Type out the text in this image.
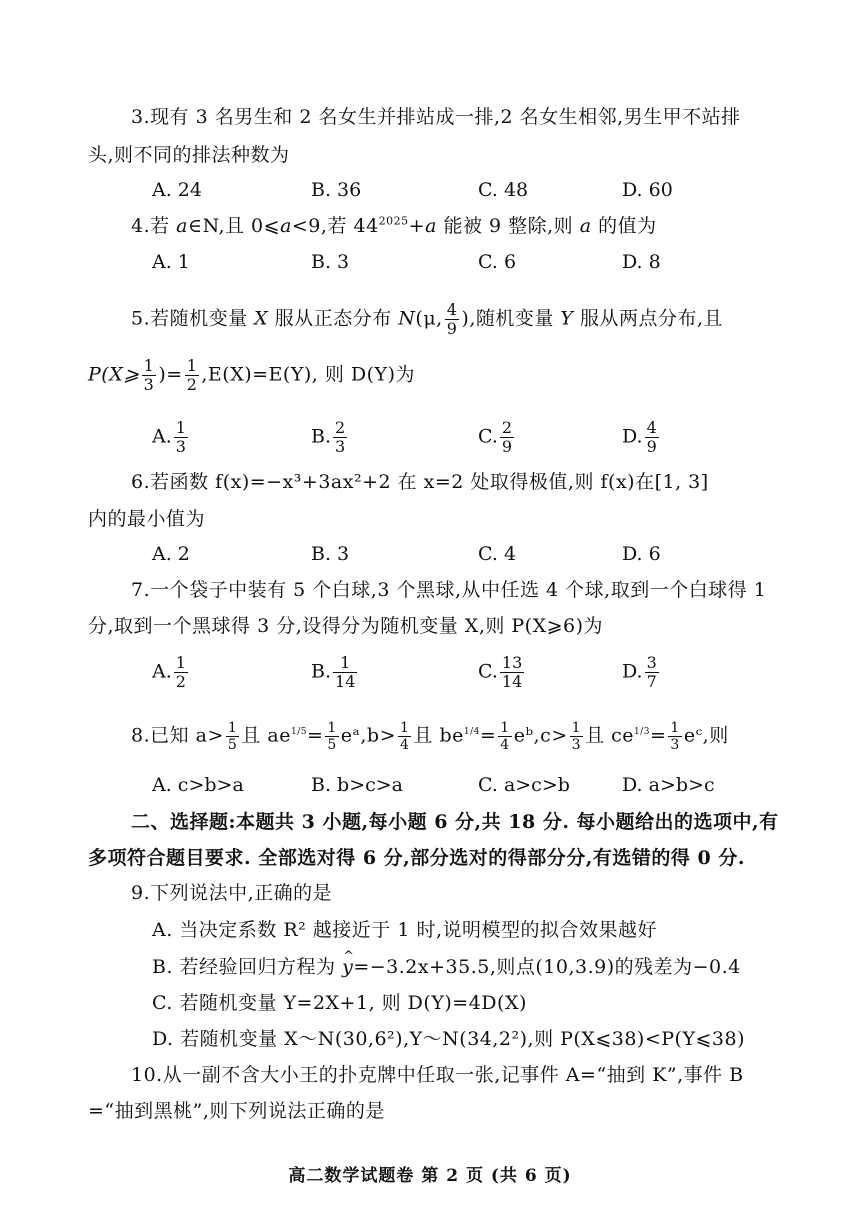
3.现有 3 名男生和 2 名女生并排站成一排,2 名女生相邻,男生甲不站排
头,则不同的排法种数为
A. 24	B. 36	C. 48	D. 60
4.若 a∈N,且 0⩽a<9,若 $44^{2025}+a$ 能被 9 整除,则 a 的值为
A. 1	B. 3	C. 6	D. 8
5.若随机变量 X 服从正态分布 N(μ, $\frac{4}{9}$ ),随机变量 Y 服从两点分布,且
P(X⩾ $\frac{1}{3}$ )= $\frac{1}{2} ,E(X)=E(Y)$, 则 D(Y)为
A. $\frac{1}{3}$	B. $\frac{2}{3}$	C. $\frac{2}{9}$	D. $\frac{4}{9}$
6.若函数 f(x)=−x³+3ax²+2 在 x=2 处取得极值,则 f(x)在[1, 3]
内的最小值为
A. 2	B. 3	C. 4	D. 6
7.一个袋子中装有 5 个白球,3 个黑球,从中任选 4 个球,取到一个白球得 1
分,取到一个黑球得 3 分,设得分为随机变量 X,则 P(X⩾6)为
A. $\frac{1}{2}$	B. $\frac{1}{14}$	C. $\frac{13}{14}$	D. $\frac{3}{7}$
8.已知 $a> \frac{1}{5}$ 且 $ae^{1/5}= \frac{1}{5}$ eᵃ,b> $\frac{1}{4}$ 且 $be^{1/4}= \frac{1}{4}$ eᵇ,c> $\frac{1}{3}$ 且 $ce^{1/3}= \frac{1}{3}$ eᶜ,则
A. c>b>a	B. b>c>a	C. a>c>b	D. a>b>c
二、选择题:本题共 3 小题,每小题 6 分,共 18 分. 每小题给出的选项中,有
多项符合题目要求. 全部选对得 6 分,部分选对的得部分分,有选错的得 0 分.
9.下列说法中,正确的是
A. 当决定系数 R² 越接近于 1 时,说明模型的拟合效果越好
B. 若经验回归方程为 ^ y=−3.2x+35.5,则点(10,3.9)的残差为−0.4
C. 若随机变量 Y=2X+1, 则 D(Y)=4D(X)
D. 若随机变量 X～N(30,6²),Y～N(34,2²),则 P(X⩽38)<P(Y⩽38)
10.从一副不含大小王的扑克牌中任取一张,记事件 A=“抽到 K”,事件 B
=“抽到黑桃”,则下列说法正确的是
高二数学试题卷 第 2 页 (共 6 页)
